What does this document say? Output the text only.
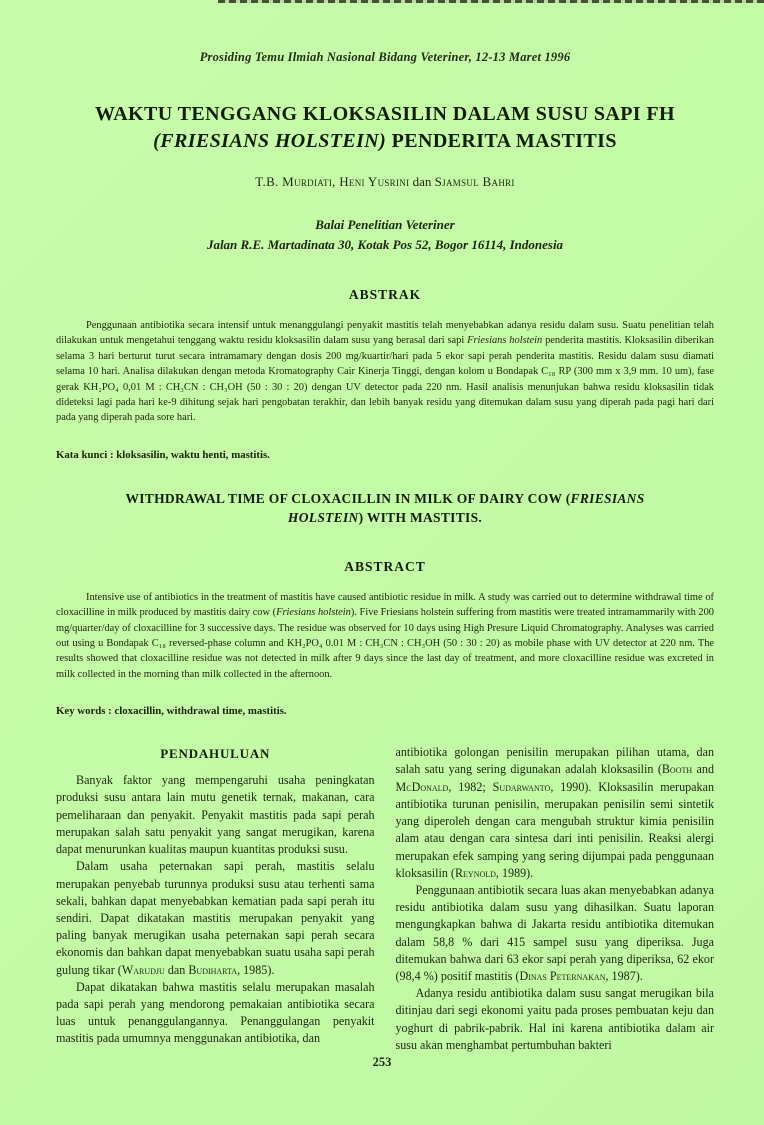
Prosiding Temu Ilmiah Nasional Bidang Veteriner, 12-13 Maret 1996
WAKTU TENGGANG KLOKSASILIN DALAM SUSU SAPI FH
(FRIESIANS HOLSTEIN) PENDERITA MASTITIS
T.B. Murdiati, Heni Yusrini dan Sjamsul Bahri
Balai Penelitian Veteriner
Jalan R.E. Martadinata 30, Kotak Pos 52, Bogor 16114, Indonesia
ABSTRAK

Penggunaan antibiotika secara intensif untuk menanggulangi penyakit mastitis telah menyebabkan adanya residu dalam susu. Suatu penelitian telah dilakukan untuk mengetahui tenggang waktu residu kloksasilin dalam susu yang berasal dari sapi Friesians holstein penderita mastitis. Kloksasilin diberikan selama 3 hari berturut turut secara intramamary dengan dosis 200 mg/kuartir/hari pada 5 ekor sapi perah penderita mastitis. Residu dalam susu diamati selama 10 hari. Analisa dilakukan dengan metoda Kromatography Cair Kinerja Tinggi, dengan kolom u Bondapak C₁₈ RP (300 mm x 3,9 mm. 10 um), fase gerak KH₂PO₄ 0,01 M : CH₃CN : CH₃OH (50 : 30 : 20) dengan UV detector pada 220 nm. Hasil analisis menunjukan bahwa residu kloksasilin tidak dideteksi lagi pada hari ke-9 dihitung sejak hari pengobatan terakhir, dan lebih banyak residu yang ditemukan dalam susu yang diperah pada pagi hari dari pada yang diperah pada sore hari.

Kata kunci : kloksasilin, waktu henti, mastitis.
WITHDRAWAL TIME OF CLOXACILLIN IN MILK OF DAIRY COW (FRIESIANS HOLSTEIN) WITH MASTITIS.
ABSTRACT

Intensive use of antibiotics in the treatment of mastitis have caused antibiotic residue in milk. A study was carried out to determine withdrawal time of cloxacilline in milk produced by mastitis dairy cow (Friesians holstein). Five Friesians holstein suffering from mastitis were treated intramammarily with 200 mg/quarter/day of cloxacilline for 3 successive days. The residue was observed for 10 days using High Presure Liquid Chromatography. Analyses was carried out using u Bondapak C₁₈ reversed-phase column and KH₂PO₄ 0.01 M : CH₃CN : CH₃OH (50 : 30 : 20) as mobile phase with UV detector at 220 nm. The results showed that cloxacilline residue was not detected in milk after 9 days since the last day of treatment, and more cloxacilline residue was excreted in milk collected in the morning than milk collected in the afternoon.

Key words : cloxacillin, withdrawal time, mastitis.
PENDAHULUAN

Banyak faktor yang mempengaruhi usaha peningkatan produksi susu antara lain mutu genetik ternak, makanan, cara pemeliharaan dan penyakit. Penyakit mastitis pada sapi perah merupakan salah satu penyakit yang sangat merugikan, karena dapat menurunkan kualitas maupun kuantitas produksi susu.

Dalam usaha peternakan sapi perah, mastitis selalu merupakan penyebab turunnya produksi susu atau terhenti sama sekali, bahkan dapat menyebabkan kematian pada sapi perah itu sendiri. Dapat dikatakan mastitis merupakan penyakit yang paling banyak merugikan usaha peternakan sapi perah secara ekonomis dan bahkan dapat menyebabkan suatu usaha sapi perah gulung tikar (Warudju dan Budiharta, 1985).

Dapat dikatakan bahwa mastitis selalu merupakan masalah pada sapi perah yang mendorong pemakaian antibiotika secara luas untuk penanggulangannya. Penanggulangan penyakit mastitis pada umumnya menggunakan antibiotika, dan

antibiotika golongan penisilin merupakan pilihan utama, dan salah satu yang sering digunakan adalah kloksasilin (Booth and McDonald, 1982; Sudarwanto, 1990). Kloksasilin merupakan antibiotika turunan penisilin, merupakan penisilin semi sintetik yang diperoleh dengan cara mengubah struktur kimia penisilin alam atau dengan cara sintesa dari inti penisilin. Reaksi alergi merupakan efek samping yang sering dijumpai pada penggunaan kloksasilin (Reynold, 1989).

Penggunaan antibiotik secara luas akan menyebabkan adanya residu antibiotika dalam susu yang dihasilkan. Suatu laporan mengungkapkan bahwa di Jakarta residu antibiotika ditemukan dalam 58,8 % dari 415 sampel susu yang diperiksa. Juga ditemukan bahwa dari 63 ekor sapi perah yang diperiksa, 62 ekor (98,4 %) positif mastitis (Dinas Peternakan, 1987).

Adanya residu antibiotika dalam susu sangat merugikan bila ditinjau dari segi ekonomi yaitu pada proses pembuatan keju dan yoghurt di pabrik-pabrik. Hal ini karena antibiotika dalam air susu akan menghambat pertumbuhan bakteri

253
